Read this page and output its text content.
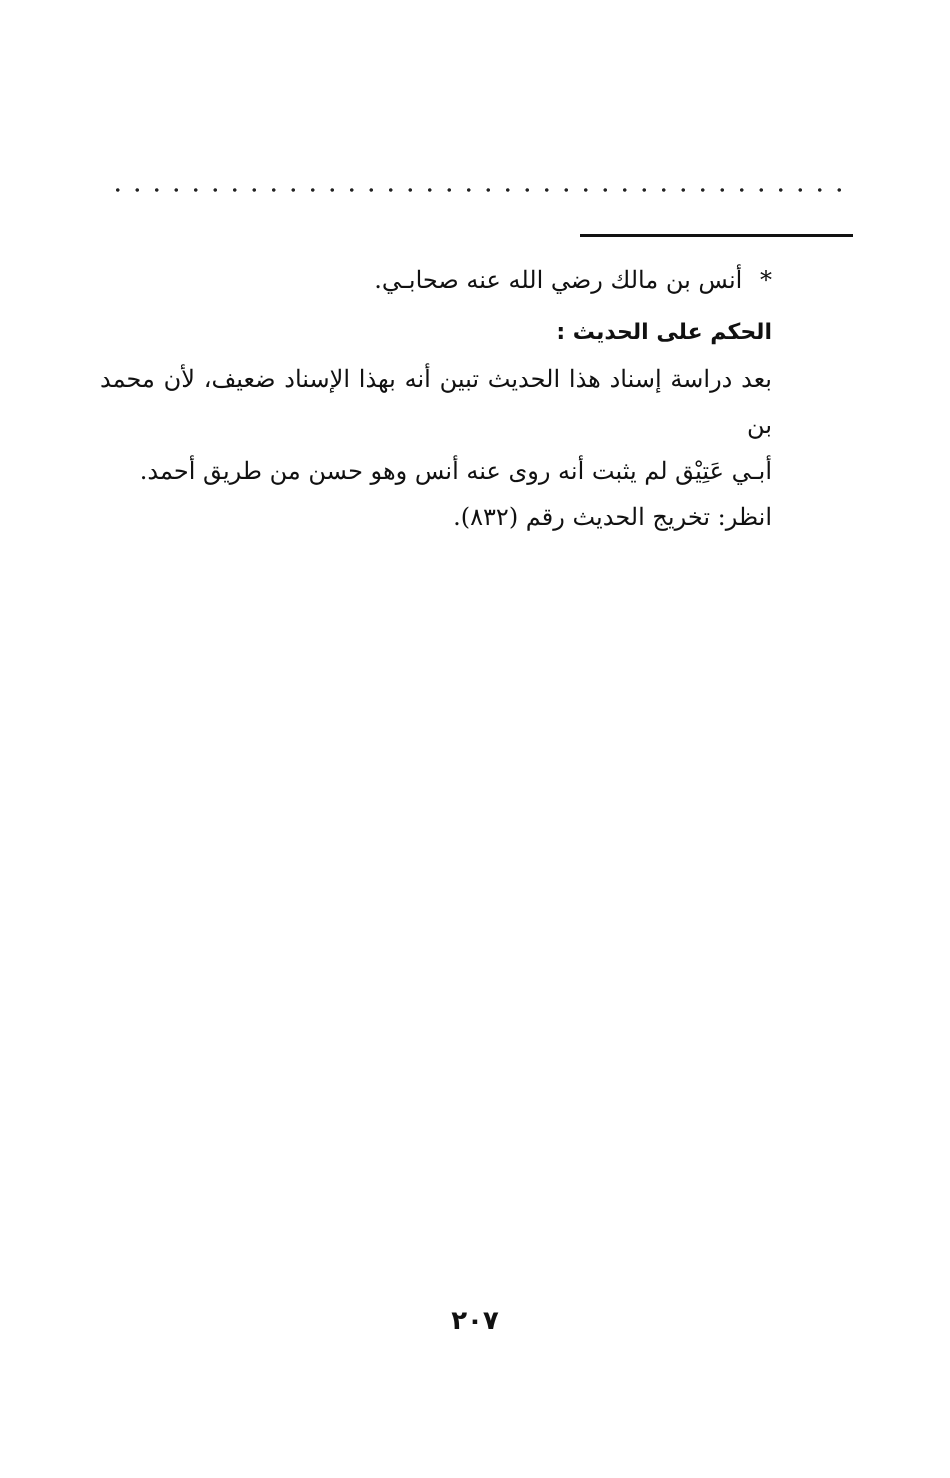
* أنس بن مالك رضي الله عنه صحابـي.
الحكم على الحديث :
بعد دراسة إسناد هذا الحديث تبين أنه بهذا الإسناد ضعيف، لأن محمد بن
أبـي عَتِيْق لم يثبت أنه روى عنه أنس وهو حسن من طريق أحمد.
انظر: تخريج الحديث رقم (٨٣٢).
٢٠٧
